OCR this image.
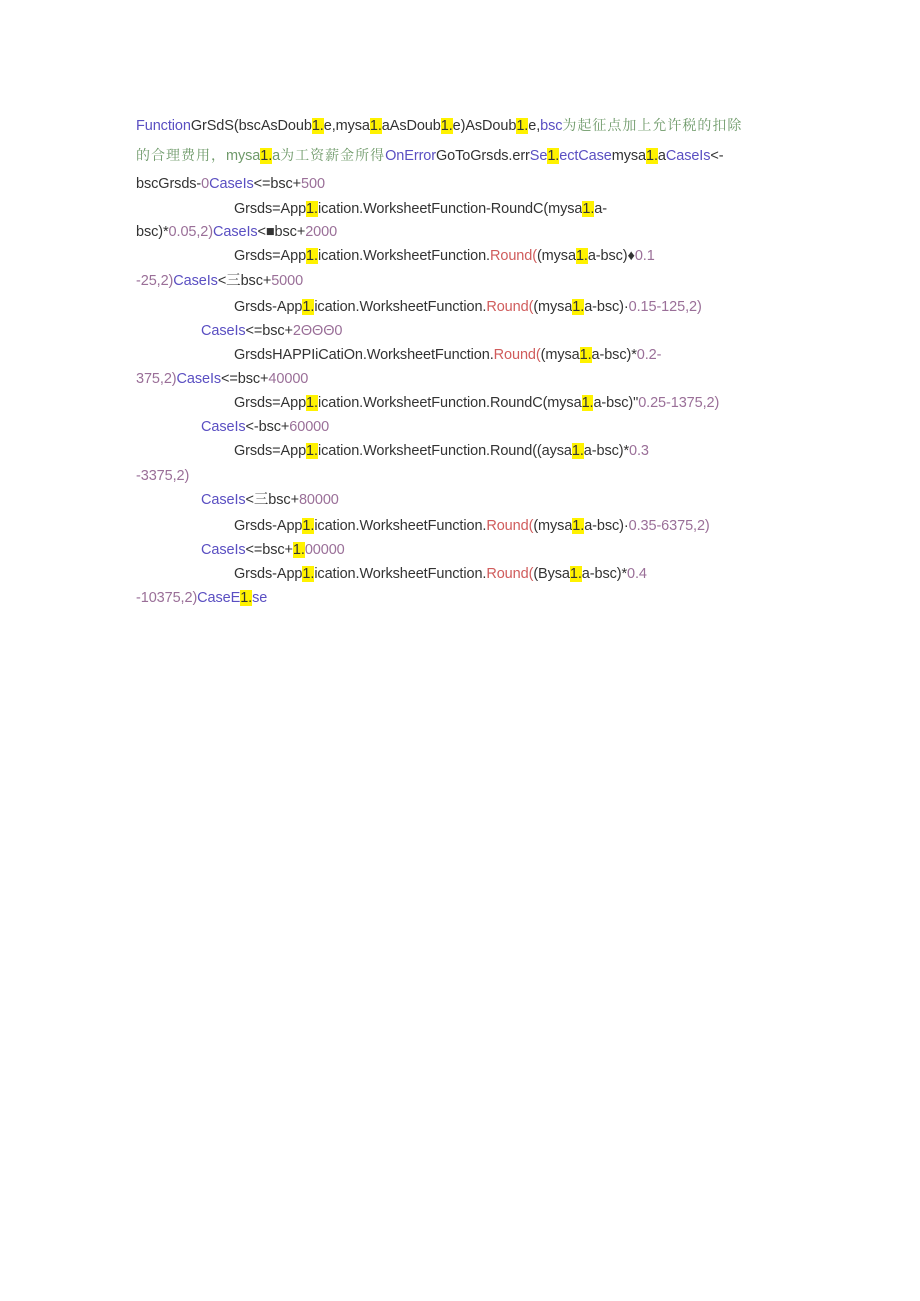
FunctionGrSdS(bscAsDoub1.e,mysa1.aAsDoub1.e)AsDoub1.e,bsc为起征点加上允许税的扣除
的合理费用，mysa1.a为工资薪金所得OnErrorGoToGrsds.errSe1.ectCasemysa1.aCaseIs<-
bscGrsds-0CaseIs<=bsc+500
Grsds=App1.ication.WorksheetFunction-RoundC(mysa1.a-
bsc)*0.05,2)CaseIs<■bsc+2000
Grsds=App1.ication.WorksheetFunction.Round((mysa1.a-bsc)♦0.1
-25,2)CaseIs<三bsc+5000
Grsds-App1.ication.WorksheetFunction.Round((mysa1.a-bsc)·0.15-125,2)
CaseIs<=bsc+2ΘΘΘ0
GrsdsHAPPIiCatiOn.WorksheetFunction.Round((mysa1.a-bsc)*0.2-
375,2)CaseIs<=bsc+40000
Grsds=App1.ication.WorksheetFunction.RoundC(mysa1.a-bsc)"0.25-1375,2)
CaseIs<-bsc+60000
Grsds=App1.ication.WorksheetFunction.Round((aysa1.a-bsc)*0.3
-3375,2)
CaseIs<三bsc+80000
Grsds-App1.ication.WorksheetFunction.Round((mysa1.a-bsc)·0.35-6375,2)
CaseIs<=bsc+1.00000
Grsds-App1.ication.WorksheetFunction.Round((Bysa1.a-bsc)*0.4
-10375,2)CaseE1.se
